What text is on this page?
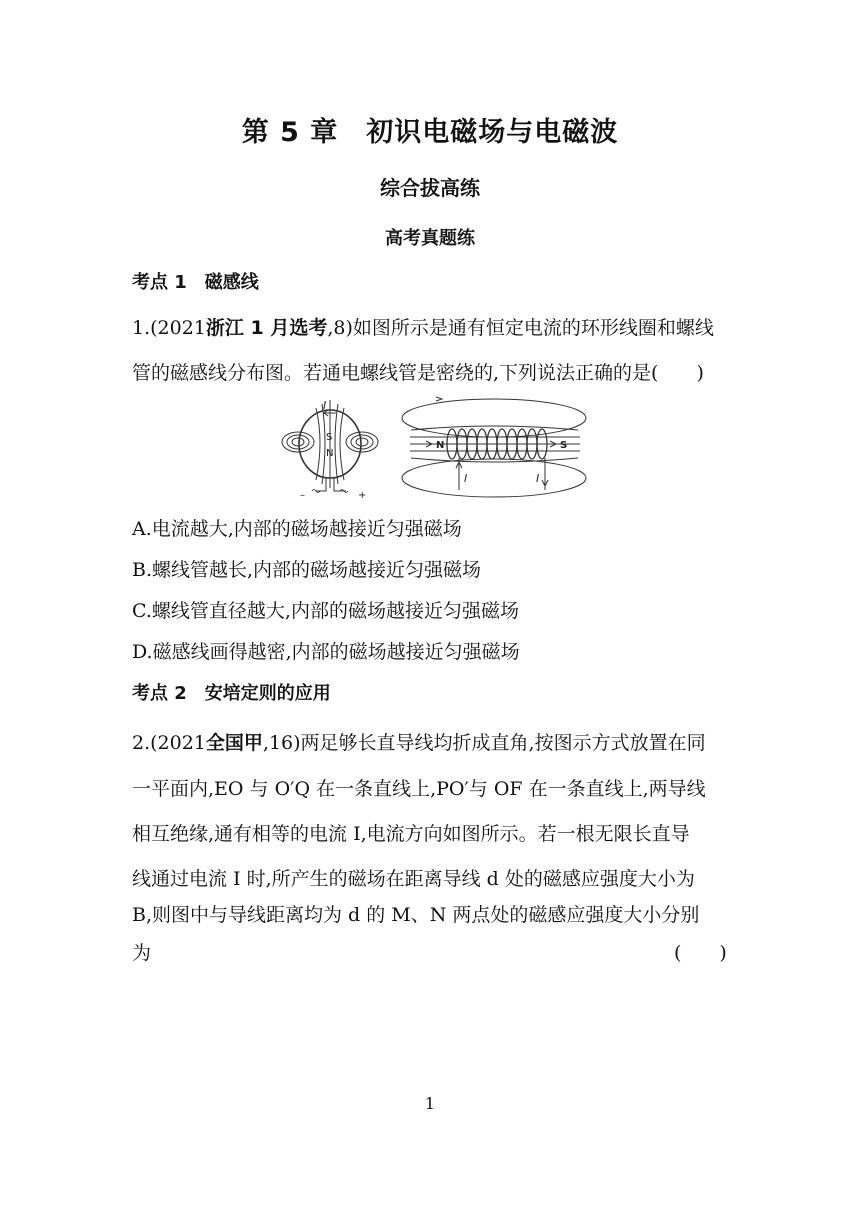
第 5 章　初识电磁场与电磁波
综合拔高练
高考真题练
考点 1　磁感线
1.(2021浙江 1 月选考,8)如图所示是通有恒定电流的环形线圈和螺线
管的磁感线分布图。若通电螺线管是密绕的,下列说法正确的是(　　)
I
S
N
–	+
N	S
I	I
A.电流越大,内部的磁场越接近匀强磁场
B.螺线管越长,内部的磁场越接近匀强磁场
C.螺线管直径越大,内部的磁场越接近匀强磁场
D.磁感线画得越密,内部的磁场越接近匀强磁场
考点 2　安培定则的应用
2.(2021全国甲,16)两足够长直导线均折成直角,按图示方式放置在同
一平面内,EO 与 O′Q 在一条直线上,PO′与 OF 在一条直线上,两导线
相互绝缘,通有相等的电流 I,电流方向如图所示。若一根无限长直导
线通过电流 I 时,所产生的磁场在距离导线 d 处的磁感应强度大小为
B,则图中与导线距离均为 d 的 M、N 两点处的磁感应强度大小分别
为	(　　)
1
